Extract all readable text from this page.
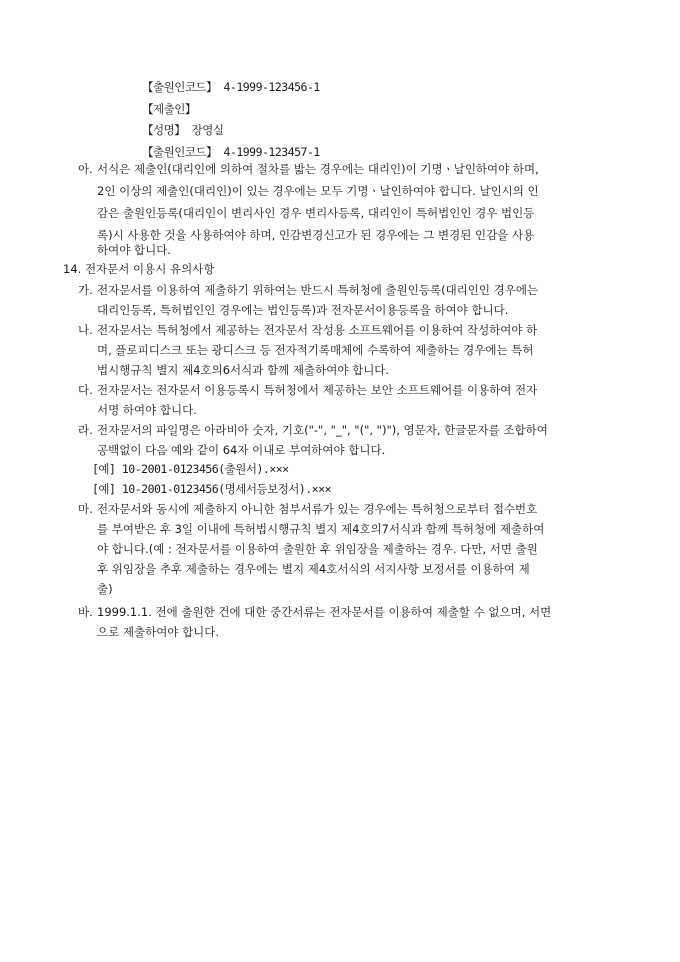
【출원인코드】 4-1999-123456-1
【제출인】
【성명】 장영실
【출원인코드】 4-1999-123457-1
아. 서식은 제출인(대리인에 의하여 절차를 밟는 경우에는 대리인)이 기명ㆍ날인하여야 하며,
2인 이상의 제출인(대리인)이 있는 경우에는 모두 기명ㆍ날인하여야 합니다. 날인시의 인
감은 출원인등록(대리인이 변리사인 경우 변리사등록, 대리인이 특허법인인 경우 법인등
록)시 사용한 것을 사용하여야 하며, 인감변경신고가 된 경우에는 그 변경된 인감을 사용
하여야 합니다.
14. 전자문서 이용시 유의사항
가. 전자문서를 이용하여 제출하기 위하여는 반드시 특허청에 출원인등록(대리인인 경우에는
대리인등록, 특허법인인 경우에는 법인등록)과 전자문서이용등록을 하여야 합니다.
나. 전자문서는 특허청에서 제공하는 전자문서 작성용 소프트웨어를 이용하여 작성하여야 하
며, 플로피디스크 또는 광디스크 등 전자적기록매체에 수록하여 제출하는 경우에는 특허
법시행규칙 별지 제4호의6서식과 함께 제출하여야 합니다.
다. 전자문서는 전자문서 이용등록시 특허청에서 제공하는 보안 소프트웨어를 이용하여 전자
서명 하여야 합니다.
라. 전자문서의 파일명은 아라비아 숫자, 기호("-", "_", "(", ")"), 영문자, 한글문자를 조합하여
공백없이 다음 예와 같이 64자 이내로 부여하여야 합니다.
[예] 10-2001-0123456(출원서).×××
[예] 10-2001-0123456(명세서등보정서).×××
마. 전자문서와 동시에 제출하지 아니한 첨부서류가 있는 경우에는 특허청으로부터 접수번호
를 부여받은 후 3일 이내에 특허법시행규칙 별지 제4호의7서식과 함께 특허청에 제출하여
야 합니다.(예 : 전자문서를 이용하여 출원한 후 위임장을 제출하는 경우. 다만, 서면 출원
후 위임장을 추후 제출하는 경우에는 별지 제4호서식의 서지사항 보정서를 이용하여 제
출)
바. 1999.1.1. 전에 출원한 건에 대한 중간서류는 전자문서를 이용하여 제출할 수 없으며, 서면
으로 제출하여야 합니다.
